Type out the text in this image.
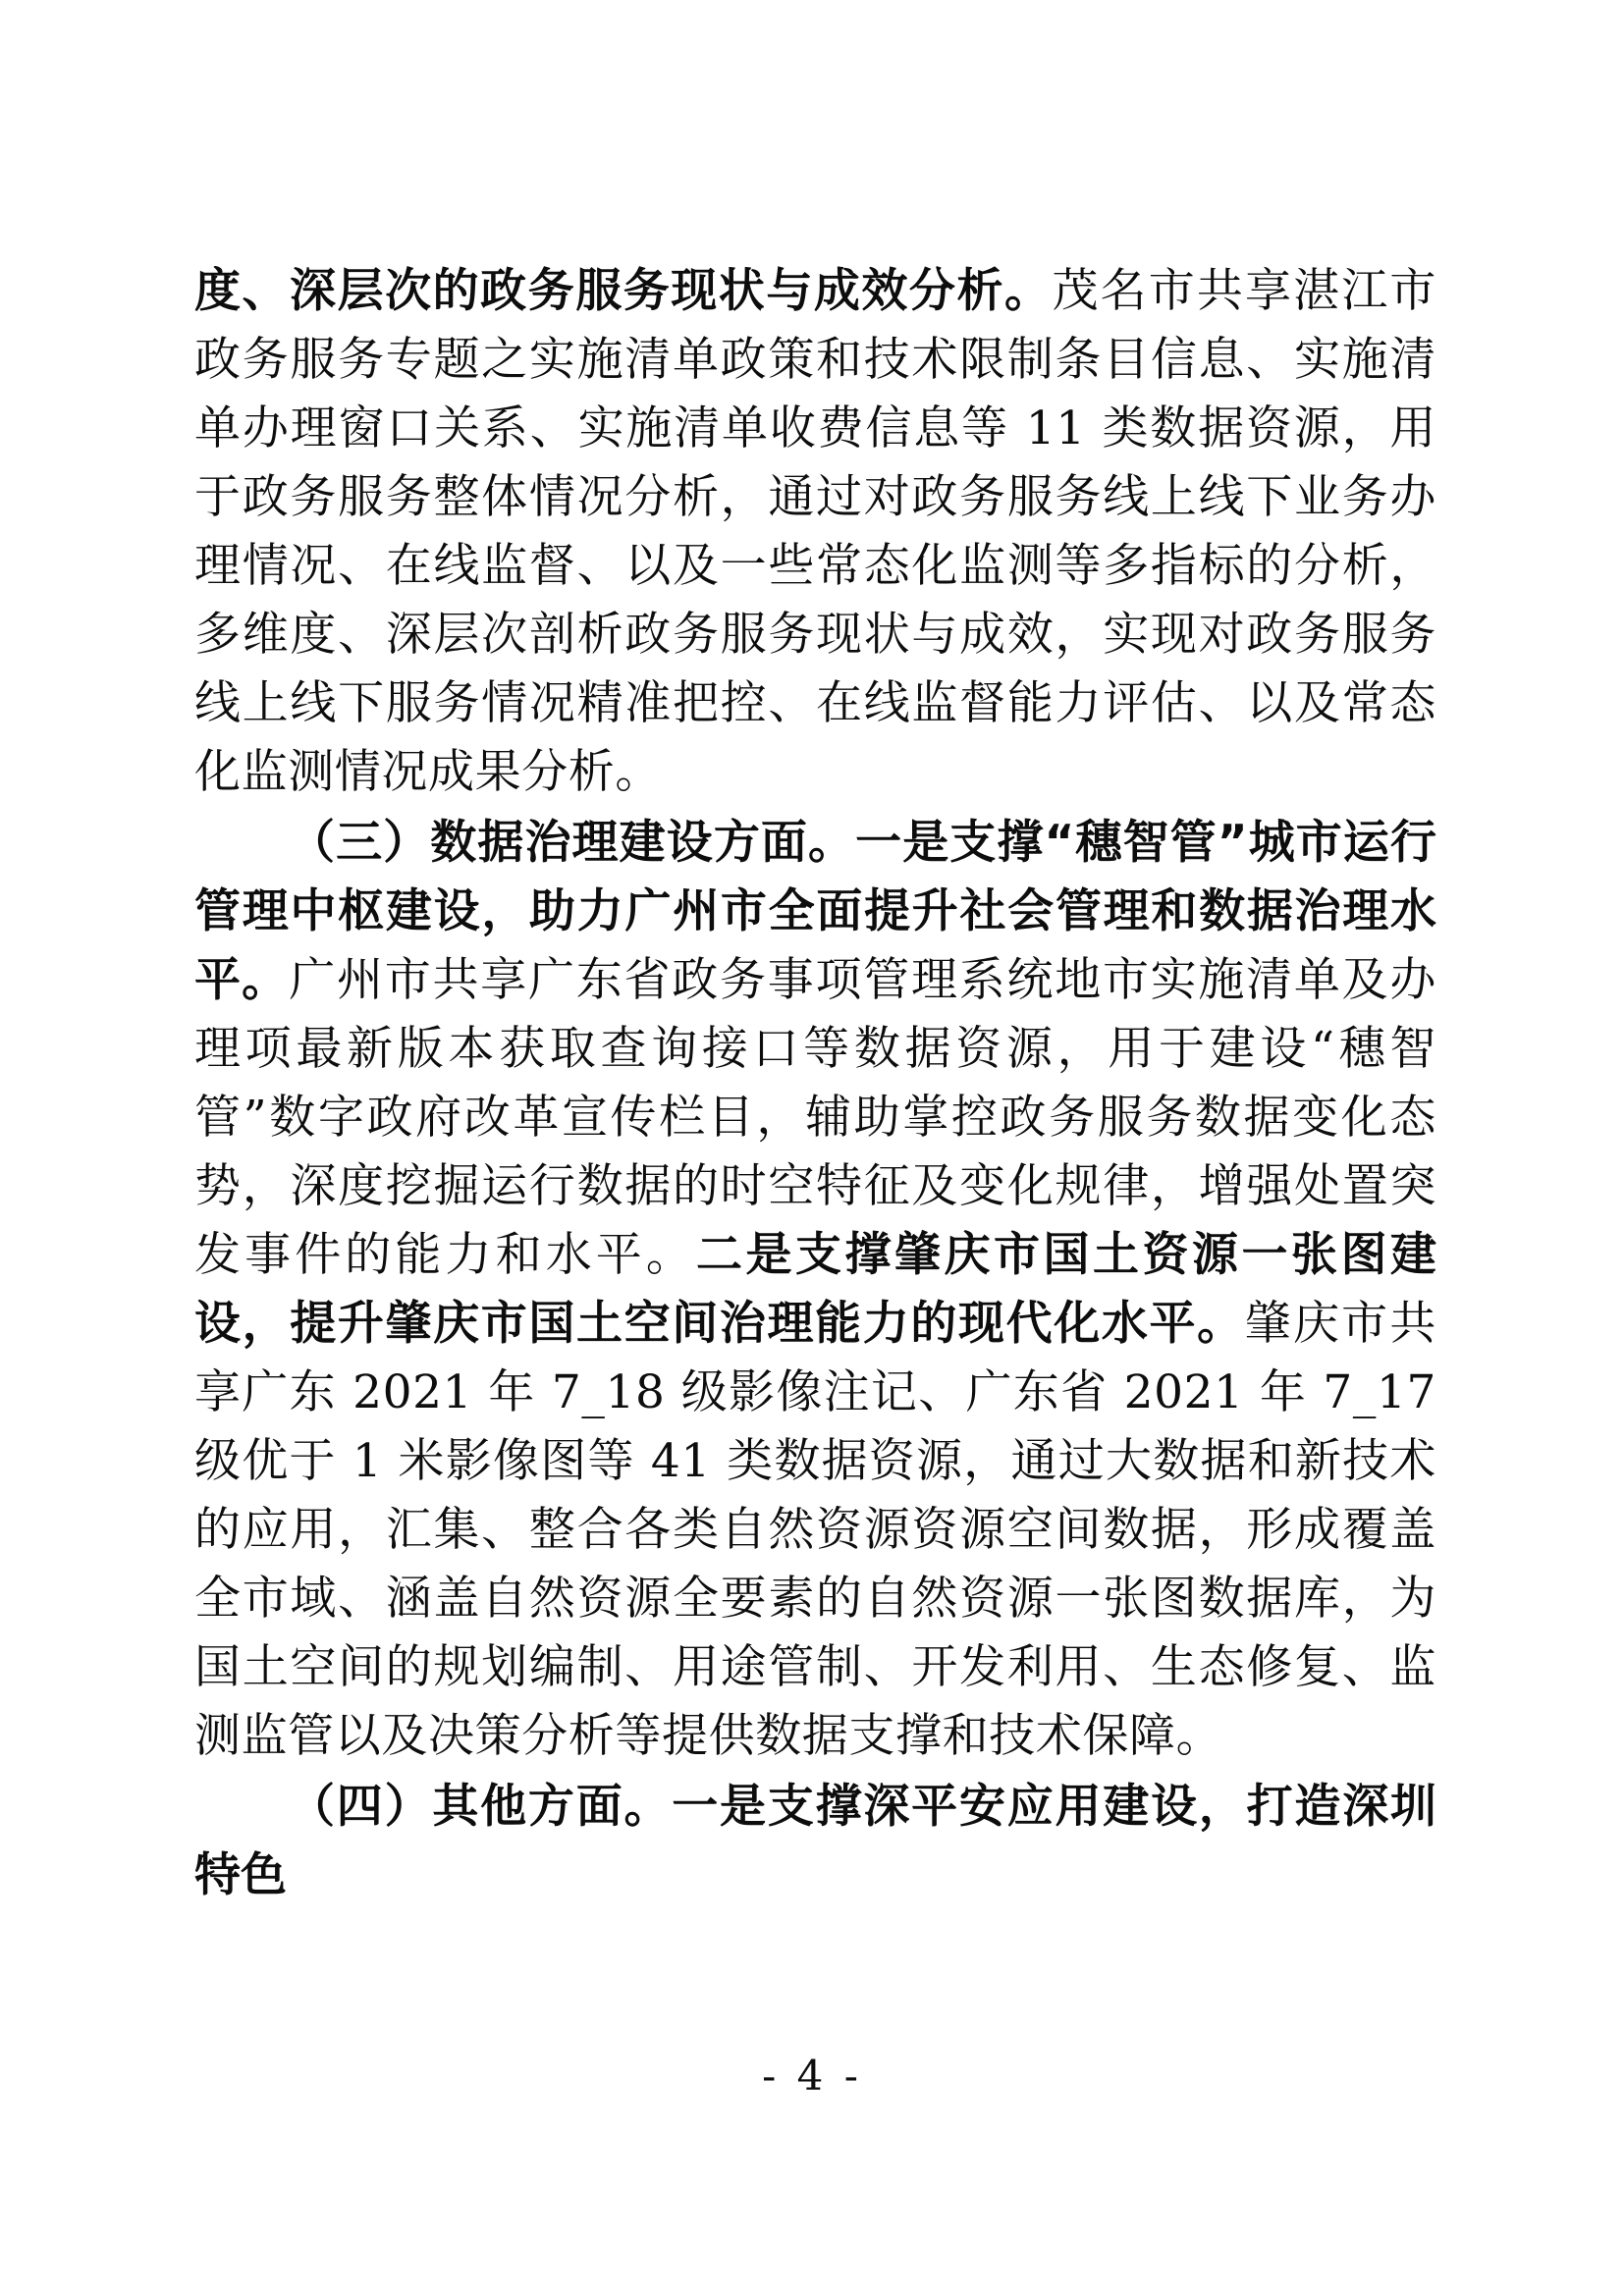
度、深层次的政务服务现状与成效分析。茂名市共享湛江市政务服务专题之实施清单政策和技术限制条目信息、实施清单办理窗口关系、实施清单收费信息等 11 类数据资源，用于政务服务整体情况分析，通过对政务服务线上线下业务办理情况、在线监督、以及一些常态化监测等多指标的分析，多维度、深层次剖析政务服务现状与成效，实现对政务服务线上线下服务情况精准把控、在线监督能力评估、以及常态化监测情况成果分析。

（三）数据治理建设方面。一是支撑“穗智管”城市运行管理中枢建设，助力广州市全面提升社会管理和数据治理水平。广州市共享广东省政务事项管理系统地市实施清单及办理项最新版本获取查询接口等数据资源，用于建设“穗智管”数字政府改革宣传栏目，辅助掌控政务服务数据变化态势，深度挖掘运行数据的时空特征及变化规律，增强处置突发事件的能力和水平。二是支撑肇庆市国土资源一张图建设，提升肇庆市国土空间治理能力的现代化水平。肇庆市共享广东 2021 年 7_18 级影像注记、广东省 2021 年 7_17 级优于 1 米影像图等 41 类数据资源，通过大数据和新技术的应用，汇集、整合各类自然资源资源空间数据，形成覆盖全市域、涵盖自然资源全要素的自然资源一张图数据库，为国土空间的规划编制、用途管制、开发利用、生态修复、监测监管以及决策分析等提供数据支撑和技术保障。

（四）其他方面。一是支撑深平安应用建设，打造深圳特色

- 4 -
